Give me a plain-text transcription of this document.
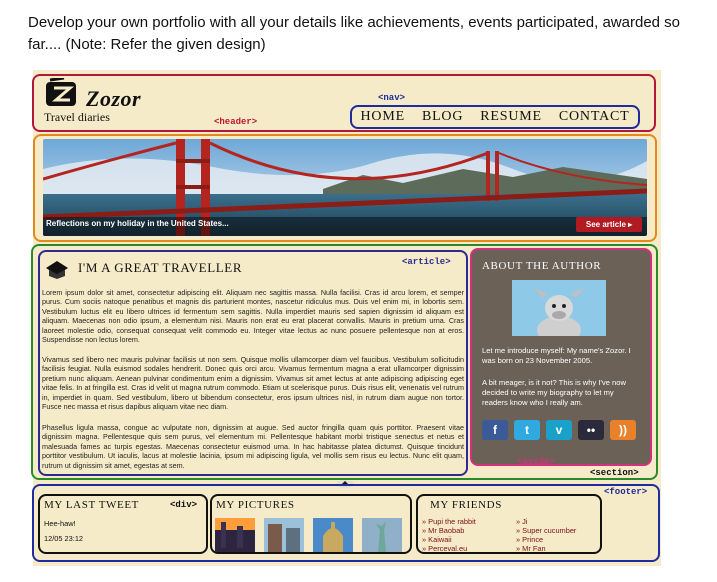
Develop your own portfolio with all your details like achievements, events participated, awarded so
far.... (Note: Refer the given design)
Zozor
Travel diaries	<header>
<nav>
HOME BLOG RESUME CONTACT
Reflections on my holiday in the United States...	See article ▸
I'M A GREAT TRAVELLER	<article>
Lorem ipsum dolor sit amet, consectetur adipiscing elit. Aliquam nec sagittis massa. Nulla facilisi. Cras id arcu lorem, et semper purus. Cum sociis natoque penatibus et magnis dis parturient montes, nascetur ridiculus mus. Duis vel enim mi, in lobortis sem. Vestibulum luctus elit eu libero ultrices id fermentum sem sagittis. Nulla imperdiet mauris sed sapien dignissim id aliquam est aliquam. Maecenas non odio ipsum, a elementum nisi. Mauris non erat eu erat placerat convallis. Mauris in pretium urna. Cras laoreet molestie odio, consequat consequat velit commodo eu. Integer vitae lectus ac nunc posuere pellentesque non at eros. Suspendisse non lectus lorem.
Vivamus sed libero nec mauris pulvinar facilisis ut non sem. Quisque mollis ullamcorper diam vel faucibus. Vestibulum sollicitudin facilisis feugiat. Nulla euismod sodales hendrerit. Donec quis orci arcu. Vivamus fermentum magna a erat ullamcorper dignissim pretium nunc aliquam. Aenean pulvinar condimentum enim a dignissim. Vivamus sit amet lectus at ante adipiscing adipiscing eget vitae felis. In at fringilla est. Cras id velit ut magna rutrum commodo. Etiam ut scelerisque purus. Duis risus elit, venenatis vel rutrum in, imperdiet in quam. Sed vestibulum, libero ut bibendum consectetur, eros ipsum ultrices nisl, in rutrum diam augue non tortor. Fusce nec massa et risus dapibus aliquam vitae nec diam.
Phasellus ligula massa, congue ac vulputate non, dignissim at augue. Sed auctor fringilla quam quis porttitor. Praesent vitae dignissim magna. Pellentesque quis sem purus, vel elementum mi. Pellentesque habitant morbi tristique senectus et netus et malesuada fames ac turpis egestas. Maecenas consectetur euismod urna. In hac habitasse platea dictumst. Quisque tincidunt porttitor vestibulum. Ut iaculis, lacus at molestie lacinia, ipsum mi adipiscing ligula, vel mollis sem risus eu lectus. Nunc elit quam, rutrum ut dignissim sit amet, egestas at sem.
ABOUT THE AUTHOR
Let me introduce myself: My name's Zozor. I was born on 23 November 2005.
A bit meager, is it not? This is why I've now decided to write my biography to let my readers know who I really am.
f t v •• ))
<aside>
<section>
<footer>
MY LAST TWEET	<div>
Hee-haw!
12/05 23:12
MY PICTURES	MY FRIENDS
» Pupi the rabbit
» Mr Baobab
» Kaiwaii
» Perceval.eu
» Ji
» Super cucumber
» Prince
» Mr Fan
